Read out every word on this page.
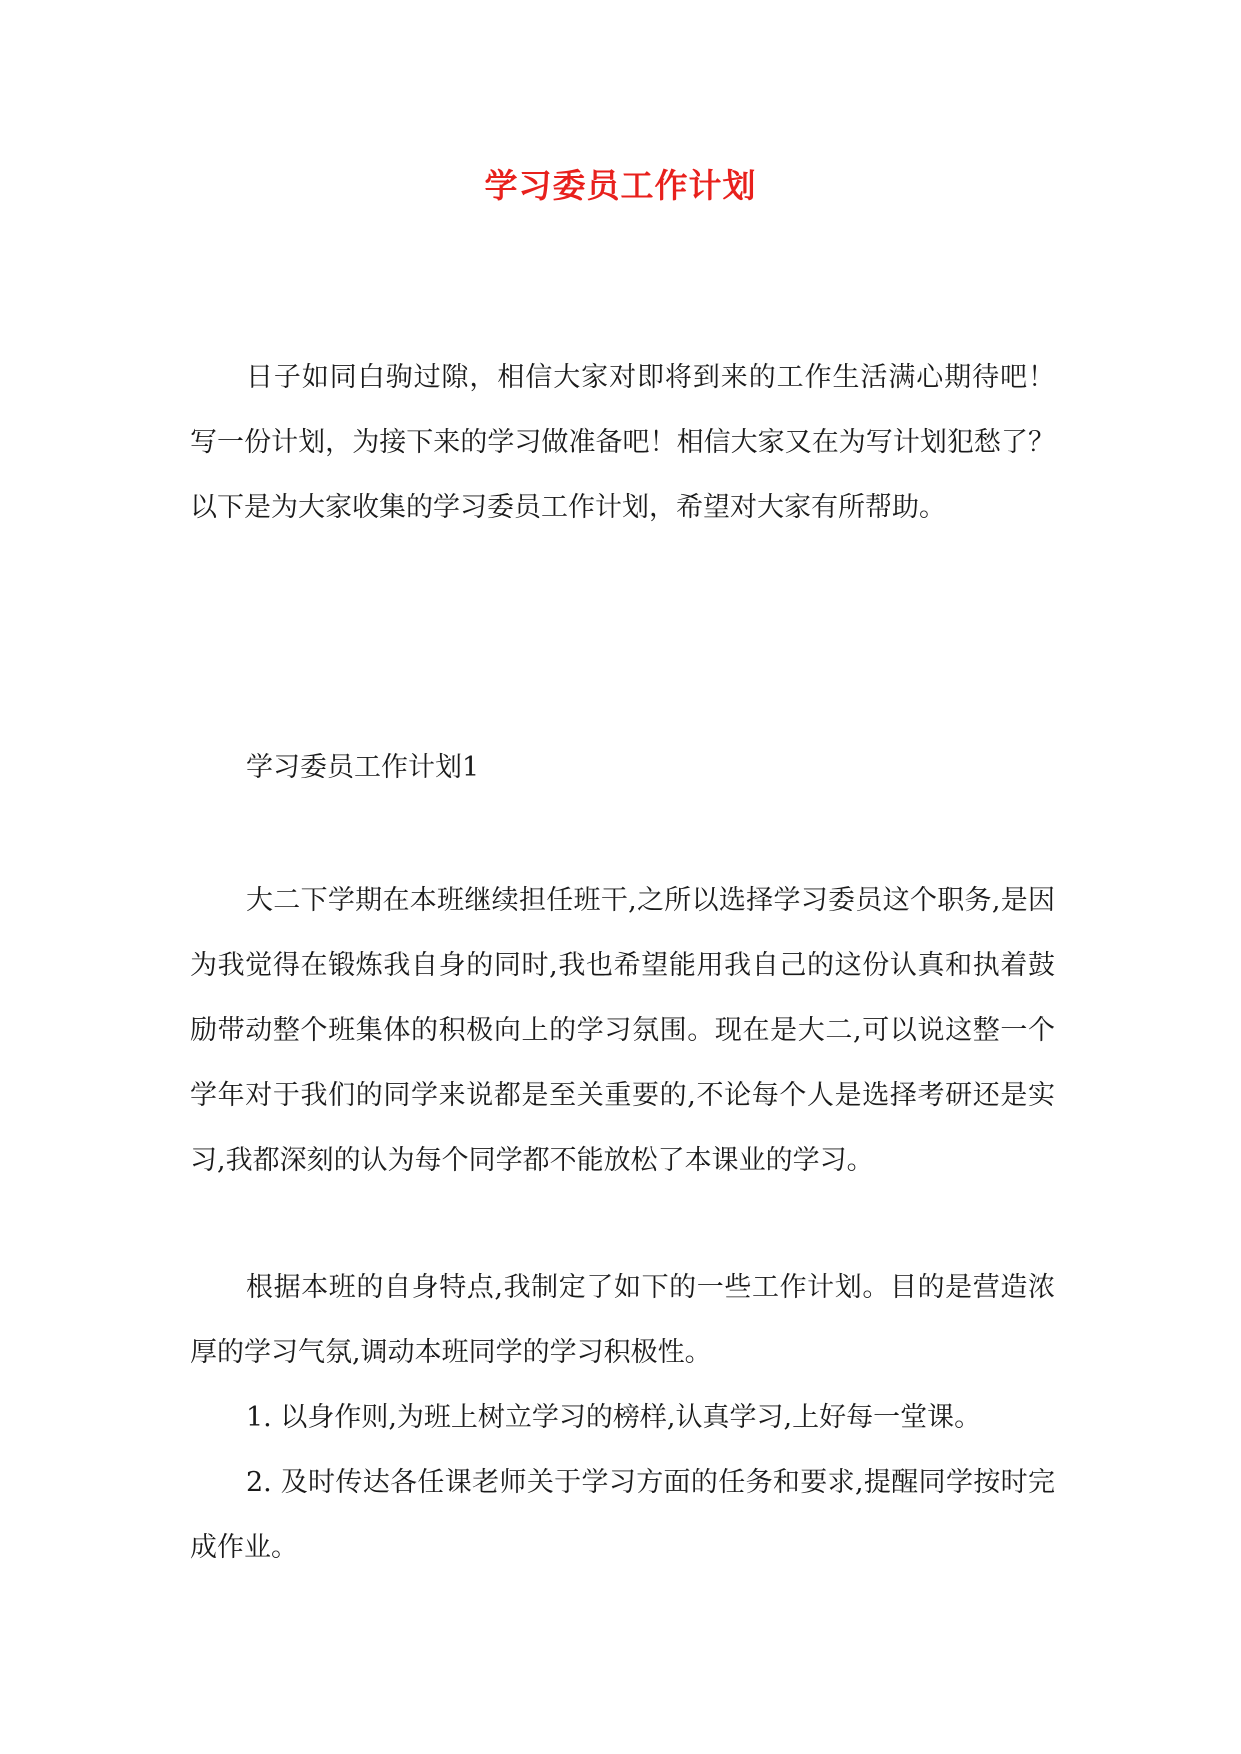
学习委员工作计划

日子如同白驹过隙，相信大家对即将到来的工作生活满心期待吧！写一份计划，为接下来的学习做准备吧！相信大家又在为写计划犯愁了？以下是为大家收集的学习委员工作计划，希望对大家有所帮助。

学习委员工作计划1

大二下学期在本班继续担任班干,之所以选择学习委员这个职务,是因为我觉得在锻炼我自身的同时,我也希望能用我自己的这份认真和执着鼓励带动整个班集体的积极向上的学习氛围。现在是大二,可以说这整一个学年对于我们的同学来说都是至关重要的,不论每个人是选择考研还是实习,我都深刻的认为每个同学都不能放松了本课业的学习。

根据本班的自身特点,我制定了如下的一些工作计划。目的是营造浓厚的学习气氛,调动本班同学的学习积极性。

1. 以身作则,为班上树立学习的榜样,认真学习,上好每一堂课。

2. 及时传达各任课老师关于学习方面的任务和要求,提醒同学按时完成作业。
